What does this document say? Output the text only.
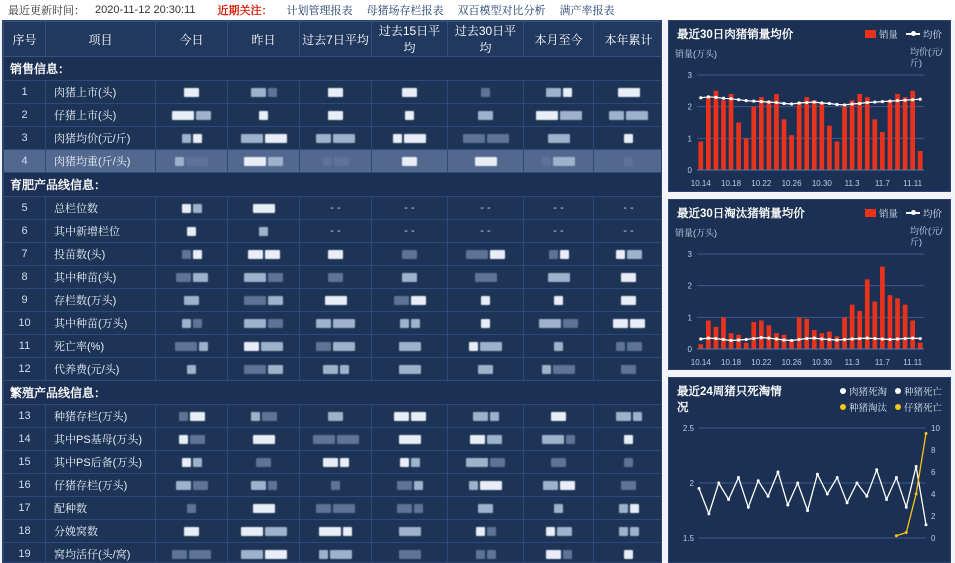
最近更新时间： 2020-11-12 20:30:11 近期关注： 计划管理报表 母猪场存栏报表 双百模型对比分析 满产率报表
序号	项目	今日	昨日	过去7日平均	过去15日平均	过去30日平均	本月至今	本年累计
销售信息：								
1	肉猪上市(头)							
2	仔猪上市(头)							
3	肉猪均价(元/斤)							
4	肉猪均重(斤/头)							
育肥产品线信息：								
5	总栏位数			- -	- -	- -	- -	- -
6	其中新增栏位			- -	- -	- -	- -	- -
7	投苗数(头)							
8	其中种苗(头)							
9	存栏数(万头)							
10	其中种苗(万头)							
11	死亡率(%)							
12	代养费(元/头)							
繁殖产品线信息：								
13	种猪存栏(万头)							
14	其中PS基母(万头)							
15	其中PS后备(万头)							
16	仔猪存栏(万头)							
17	配种数							
18	分娩窝数							
19	窝均活仔(头/窝)							
最近30日肉猪销量均价	销量	均价
销量(万头)	均价(元/斤)
0
1
2
3
10.14 10.18 10.22 10.26 10.30 11.3 11.7 11.11
最近30日淘汰猪销量均价	销量	均价
销量(万头)	均价(元/斤)
0
1
2
3
10.14 10.18 10.22 10.26 10.30 11.3 11.7 11.11
最近24周猪只死淘情况
肉猪死淘 种猪死亡
种猪淘汰 仔猪死亡
1.5
2
2.5
0
2
4
6
8
10
